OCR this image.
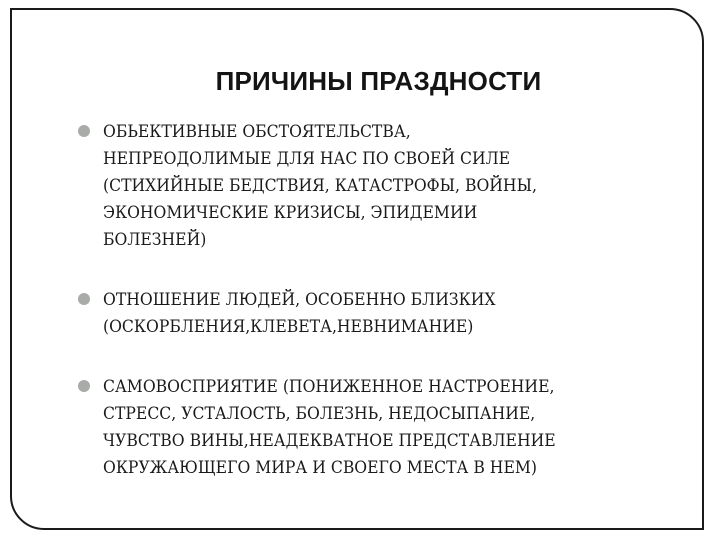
ПРИЧИНЫ ПРАЗДНОСТИ
ОБЬЕКТИВНЫЕ ОБСТОЯТЕЛЬСТВА,
НЕПРЕОДОЛИМЫЕ ДЛЯ НАС ПО СВОЕЙ СИЛЕ
(СТИХИЙНЫЕ БЕДСТВИЯ, КАТАСТРОФЫ, ВОЙНЫ,
ЭКОНОМИЧЕСКИЕ КРИЗИСЫ, ЭПИДЕМИИ
БОЛЕЗНЕЙ)
ОТНОШЕНИЕ ЛЮДЕЙ, ОСОБЕННО БЛИЗКИХ
(ОСКОРБЛЕНИЯ,КЛЕВЕТА,НЕВНИМАНИЕ)
САМОВОСПРИЯТИЕ (ПОНИЖЕННОЕ НАСТРОЕНИЕ,
СТРЕСС, УСТАЛОСТЬ, БОЛЕЗНЬ, НЕДОСЫПАНИЕ,
ЧУВСТВО ВИНЫ,НЕАДЕКВАТНОЕ ПРЕДСТАВЛЕНИЕ
ОКРУЖАЮЩЕГО МИРА И СВОЕГО МЕСТА В НЕМ)
